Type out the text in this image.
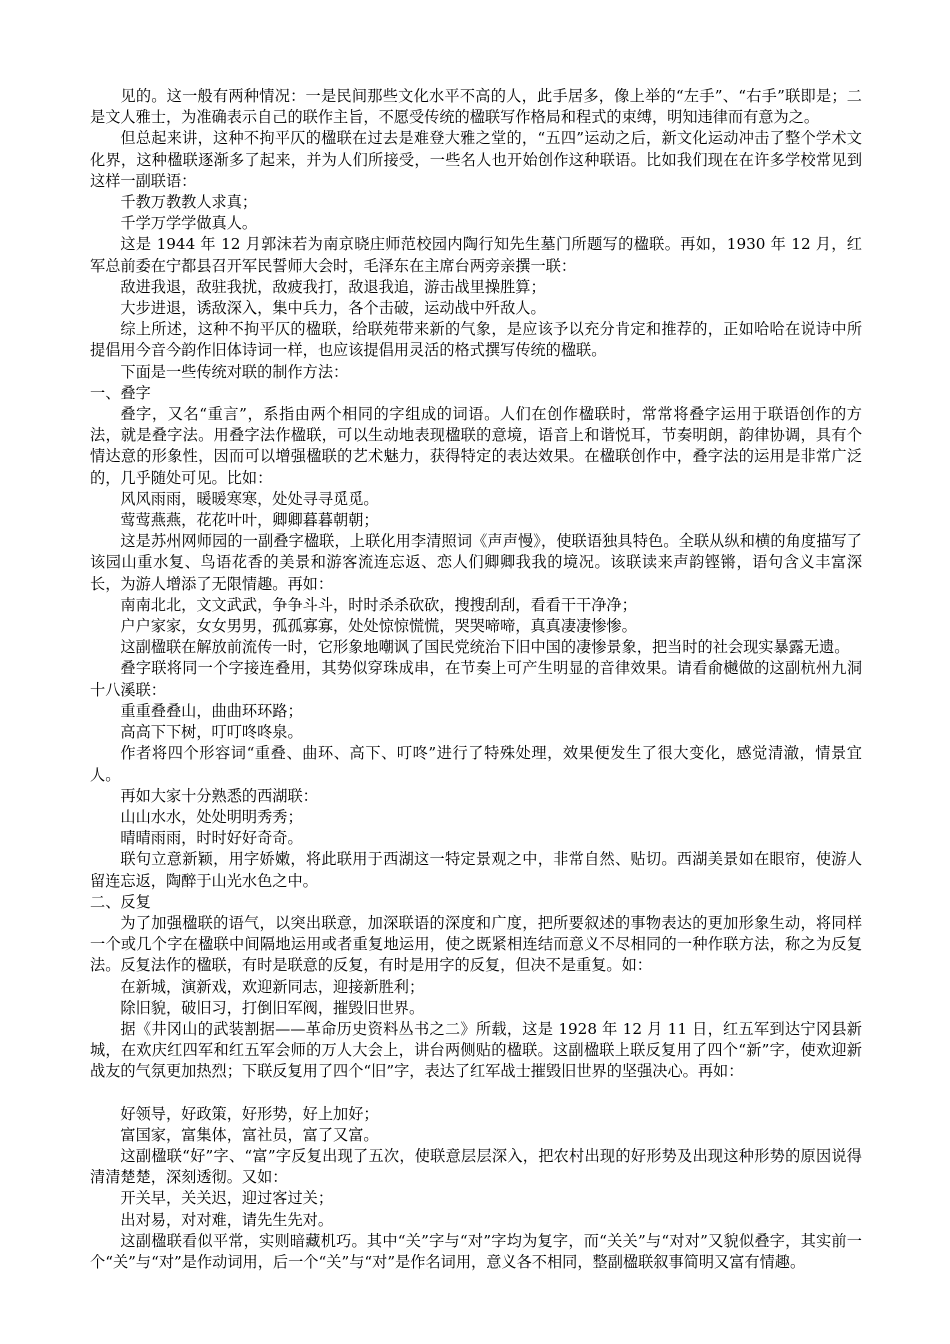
见的。这一般有两种情况：一是民间那些文化水平不高的人，此手居多，像上举的“左手”、“右手”联即是；二是文人雅士，为准确表示自己的联作主旨，不愿受传统的楹联写作格局和程式的束缚，明知违律而有意为之。

但总起来讲，这种不拘平仄的楹联在过去是难登大雅之堂的，“五四”运动之后，新文化运动冲击了整个学术文化界，这种楹联逐渐多了起来，并为人们所接受，一些名人也开始创作这种联语。比如我们现在在许多学校常见到这样一副联语：

千教万教教人求真；

千学万学学做真人。

这是 1944 年 12 月郭沫若为南京晓庄师范校园内陶行知先生墓门所题写的楹联。再如，1930 年 12 月，红军总前委在宁都县召开军民誓师大会时，毛泽东在主席台两旁亲撰一联：

敌进我退，敌驻我扰，敌疲我打，敌退我追，游击战里操胜算；

大步进退，诱敌深入，集中兵力，各个击破，运动战中歼敌人。

综上所述，这种不拘平仄的楹联，给联苑带来新的气象，是应该予以充分肯定和推荐的，正如哈哈在说诗中所提倡用今音今韵作旧体诗词一样，也应该提倡用灵活的格式撰写传统的楹联。

下面是一些传统对联的制作方法：

一、叠字

叠字，又名“重言”，系指由两个相同的字组成的词语。人们在创作楹联时，常常将叠字运用于联语创作的方法，就是叠字法。用叠字法作楹联，可以生动地表现楹联的意境，语音上和谐悦耳，节奏明朗，韵律协调，具有个情达意的形象性，因而可以增强楹联的艺术魅力，获得特定的表达效果。在楹联创作中，叠字法的运用是非常广泛的，几乎随处可见。比如：

风风雨雨，暖暖寒寒，处处寻寻觅觅。

莺莺燕燕，花花叶叶，卿卿暮暮朝朝；

这是苏州网师园的一副叠字楹联，上联化用李清照词《声声慢》，使联语独具特色。全联从纵和横的角度描写了该园山重水复、鸟语花香的美景和游客流连忘返、恋人们卿卿我我的境况。该联读来声韵铿锵，语句含义丰富深长，为游人增添了无限情趣。再如：

南南北北，文文武武，争争斗斗，时时杀杀砍砍，搜搜刮刮，看看干干净净；

户户家家，女女男男，孤孤寡寡，处处惊惊慌慌，哭哭啼啼，真真凄凄惨惨。

这副楹联在解放前流传一时，它形象地嘲讽了国民党统治下旧中国的凄惨景象，把当时的社会现实暴露无遗。

叠字联将同一个字接连叠用，其势似穿珠成串，在节奏上可产生明显的音律效果。请看俞樾做的这副杭州九洞十八溪联：

重重叠叠山，曲曲环环路；

高高下下树，叮叮咚咚泉。

作者将四个形容词“重叠、曲环、高下、叮咚”进行了特殊处理，效果便发生了很大变化，感觉清澈，情景宜人。

再如大家十分熟悉的西湖联：

山山水水，处处明明秀秀；

晴晴雨雨，时时好好奇奇。

联句立意新颖，用字娇嫩，将此联用于西湖这一特定景观之中，非常自然、贴切。西湖美景如在眼帘，使游人留连忘返，陶醉于山光水色之中。

二、反复

为了加强楹联的语气，以突出联意，加深联语的深度和广度，把所要叙述的事物表达的更加形象生动，将同样一个或几个字在楹联中间隔地运用或者重复地运用，使之既紧相连结而意义不尽相同的一种作联方法，称之为反复法。反复法作的楹联，有时是联意的反复，有时是用字的反复，但决不是重复。如：

在新城，演新戏，欢迎新同志，迎接新胜利；

除旧貌，破旧习，打倒旧军阀，摧毁旧世界。

据《井冈山的武装割据——革命历史资料丛书之二》所载，这是 1928 年 12 月 11 日，红五军到达宁冈县新城，在欢庆红四军和红五军会师的万人大会上，讲台两侧贴的楹联。这副楹联上联反复用了四个“新”字，使欢迎新战友的气氛更加热烈；下联反复用了四个“旧”字，表达了红军战士摧毁旧世界的坚强决心。再如：

好领导，好政策，好形势，好上加好；

富国家，富集体，富社员，富了又富。

这副楹联“好”字、“富”字反复出现了五次，使联意层层深入，把农村出现的好形势及出现这种形势的原因说得清清楚楚，深刻透彻。又如：

开关早，关关迟，迎过客过关；

出对易，对对难，请先生先对。

这副楹联看似平常，实则暗藏机巧。其中“关”字与“对”字均为复字，而“关关”与“对对”又貌似叠字，其实前一个“关”与“对”是作动词用，后一个“关”与“对”是作名词用，意义各不相同，整副楹联叙事简明又富有情趣。
